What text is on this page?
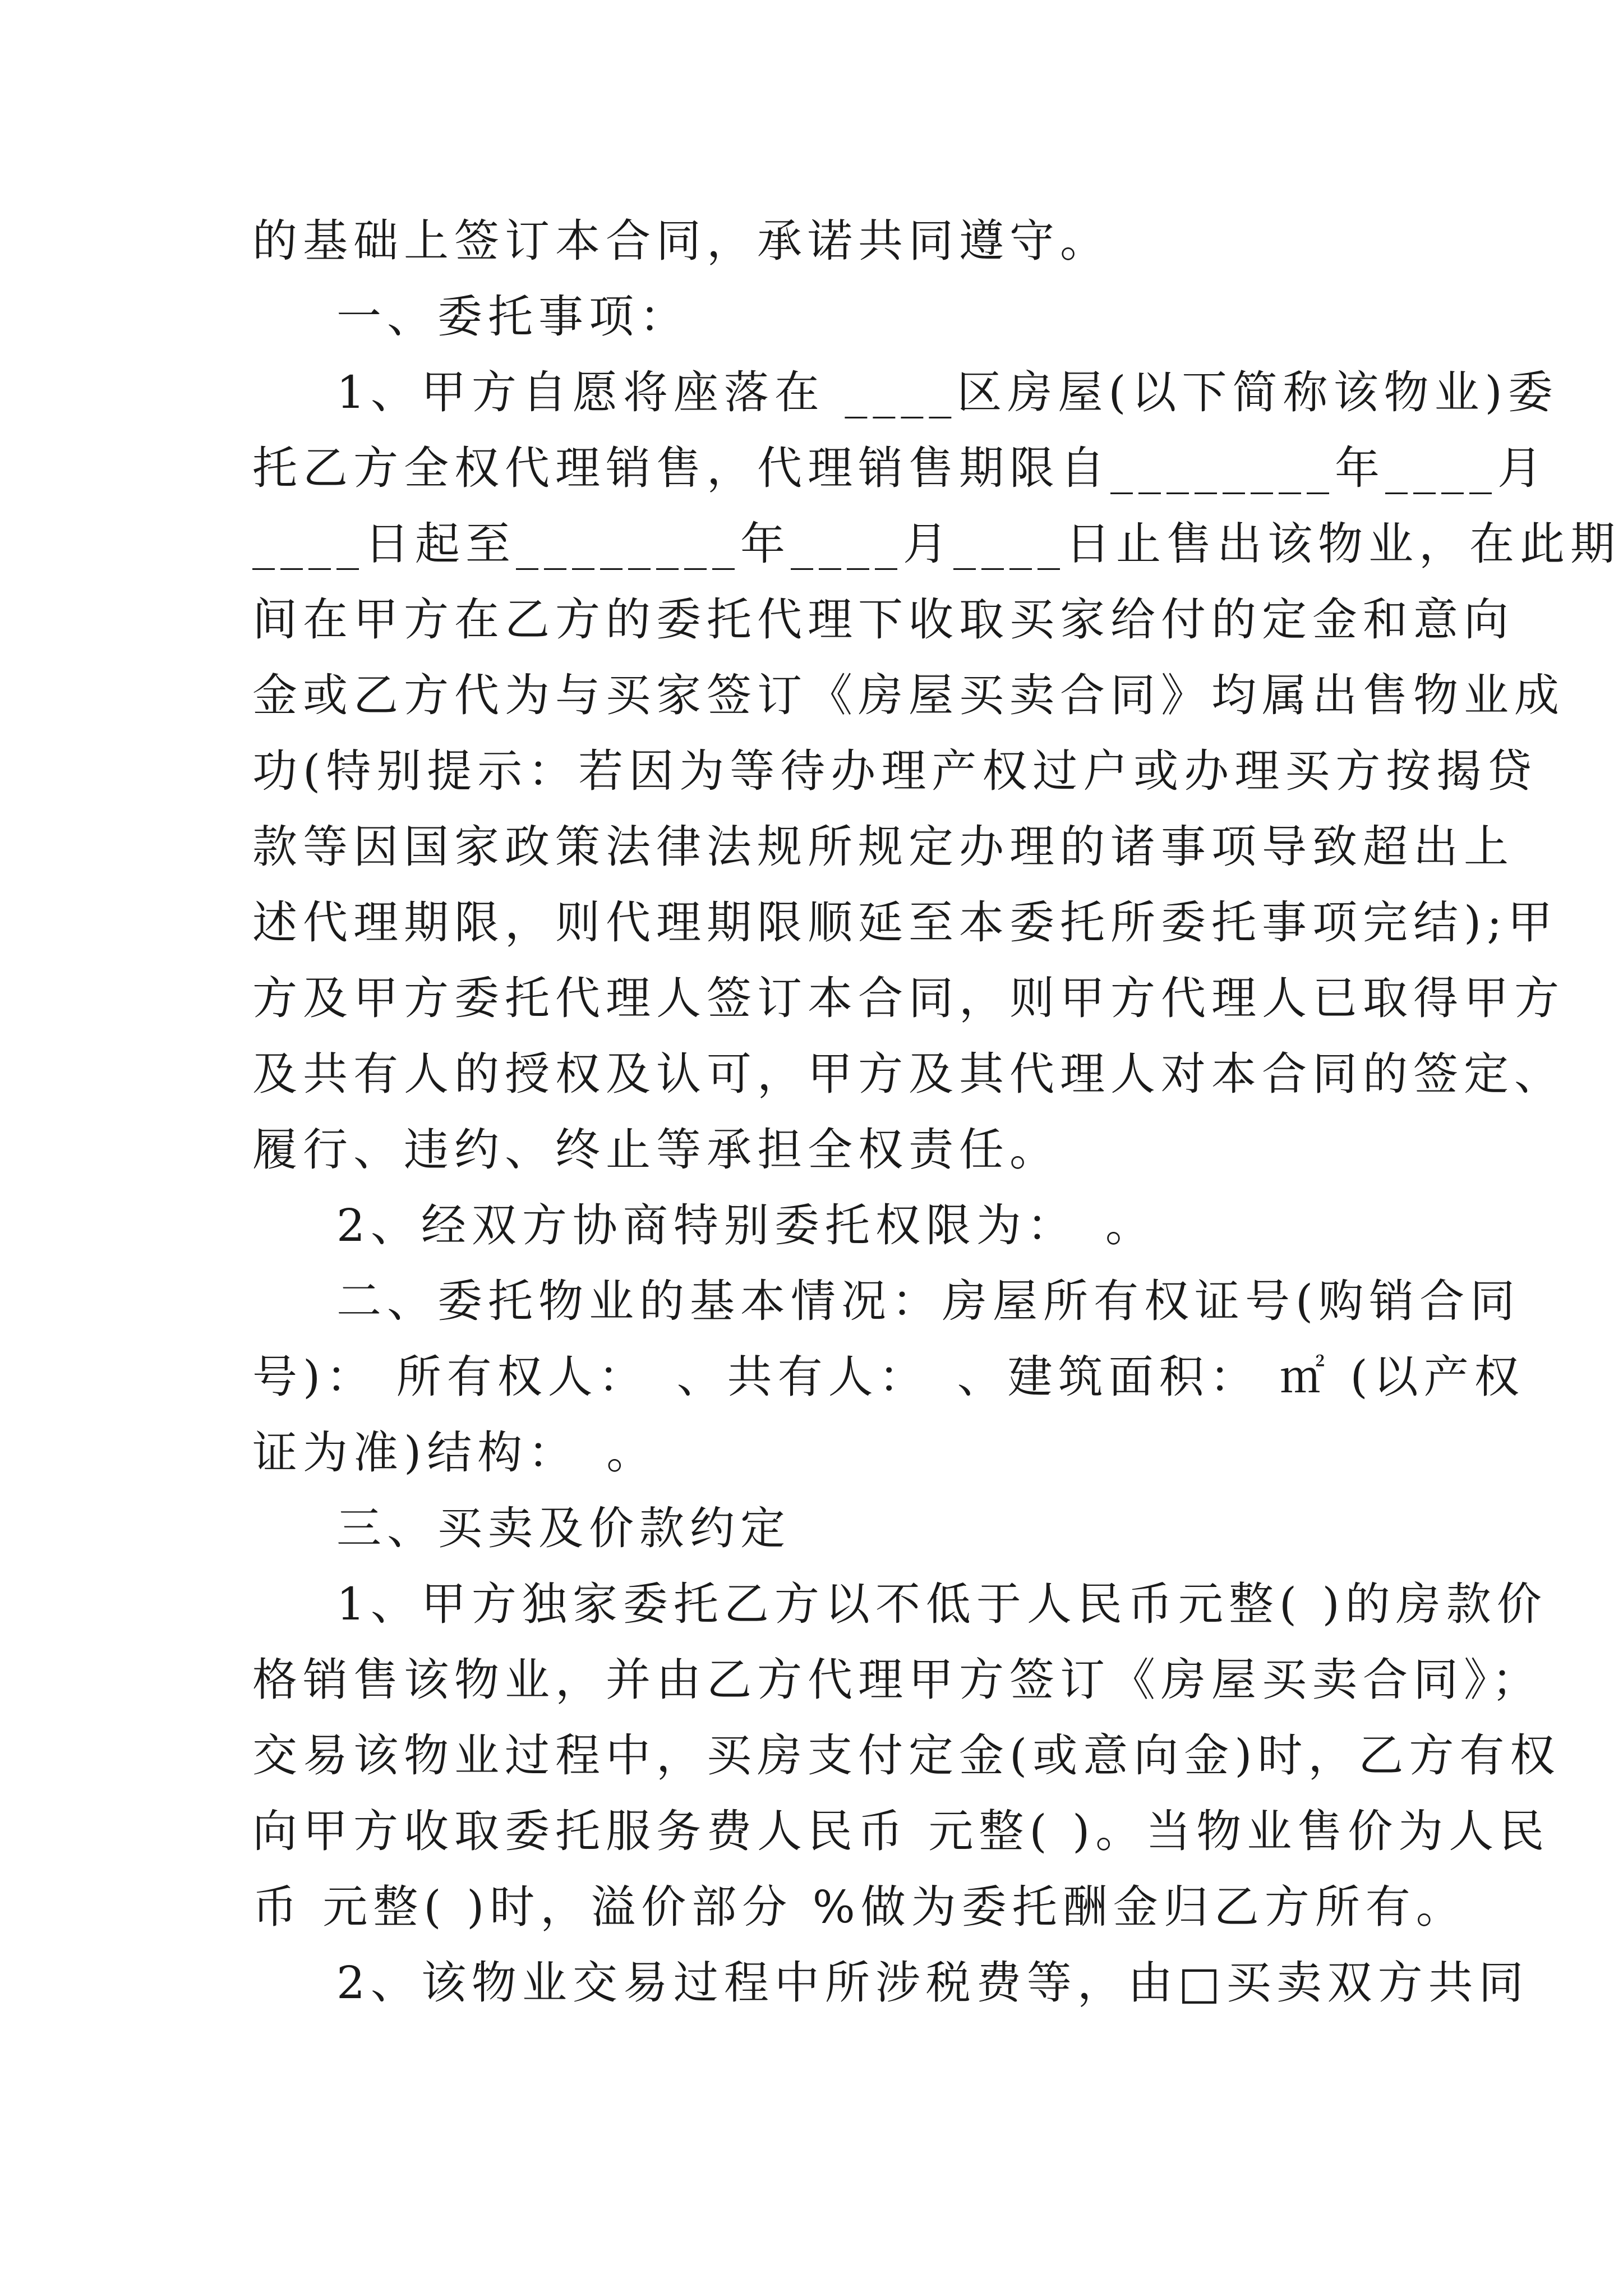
的基础上签订本合同，承诺共同遵守。
一、委托事项：
1、甲方自愿将座落在 ____区房屋(以下简称该物业)委
托乙方全权代理销售，代理销售期限自________年____月
____日起至________年____月____日止售出该物业，在此期
间在甲方在乙方的委托代理下收取买家给付的定金和意向
金或乙方代为与买家签订《房屋买卖合同》均属出售物业成
功(特别提示：若因为等待办理产权过户或办理买方按揭贷
款等因国家政策法律法规所规定办理的诸事项导致超出上
述代理期限，则代理期限顺延至本委托所委托事项完结);甲
方及甲方委托代理人签订本合同，则甲方代理人已取得甲方
及共有人的授权及认可，甲方及其代理人对本合同的签定、
履行、违约、终止等承担全权责任。
2、经双方协商特别委托权限为：　。
二、委托物业的基本情况：房屋所有权证号(购销合同
号)： 所有权人：　、共有人：　、建筑面积： ㎡ (以产权
证为准)结构：　。
三、买卖及价款约定
1、甲方独家委托乙方以不低于人民币元整( )的房款价
格销售该物业，并由乙方代理甲方签订《房屋买卖合同》；
交易该物业过程中，买房支付定金(或意向金)时，乙方有权
向甲方收取委托服务费人民币 元整( )。当物业售价为人民
币 元整( )时，溢价部分 %做为委托酬金归乙方所有。
2、该物业交易过程中所涉税费等，由□买卖双方共同
